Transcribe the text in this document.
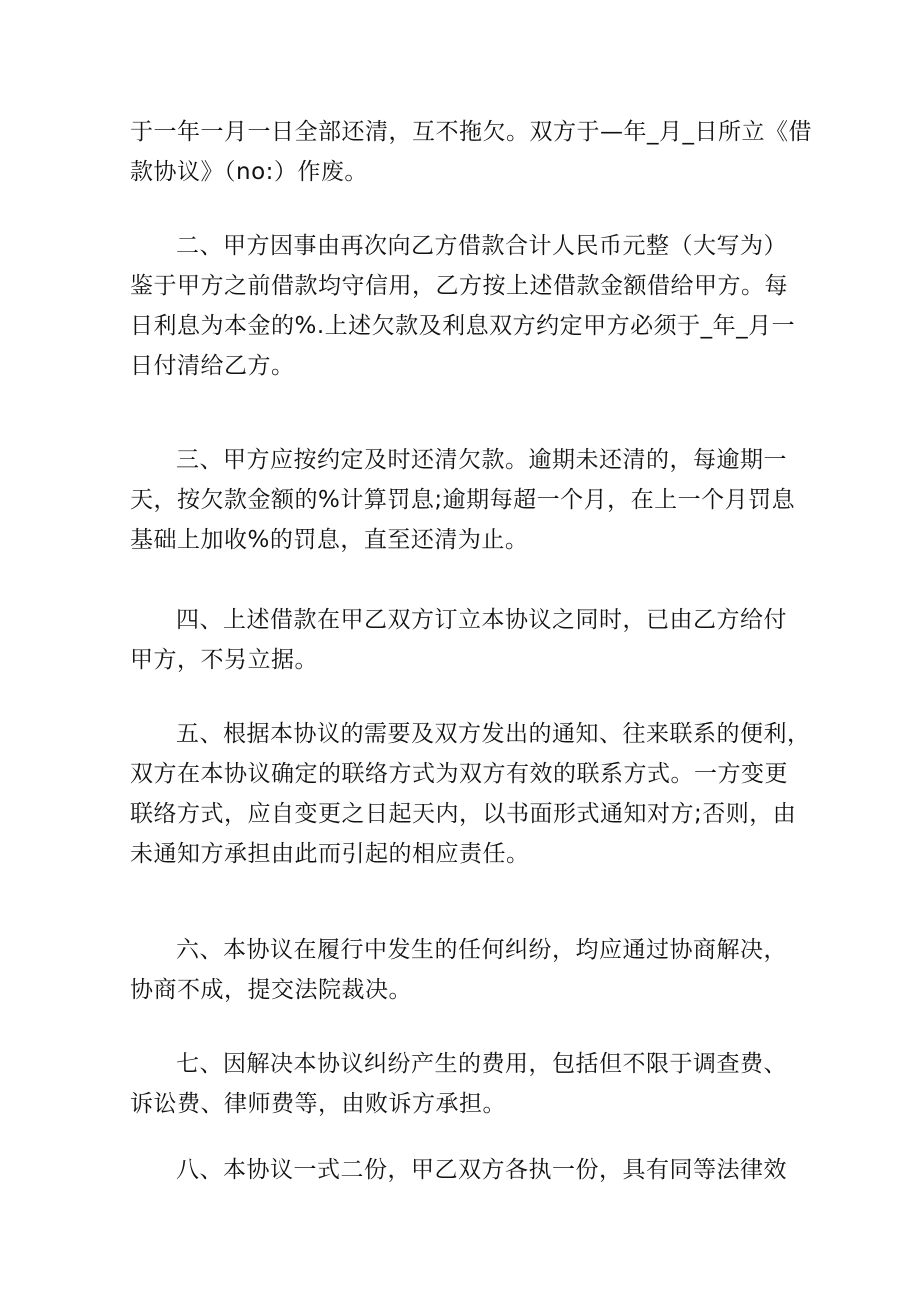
于一年一月一日全部还清，互不拖欠。双方于—年_月_日所立《借
款协议》（no:）作废。

二、甲方因事由再次向乙方借款合计人民币元整（大写为）
鉴于甲方之前借款均守信用，乙方按上述借款金额借给甲方。每
日利息为本金的%.上述欠款及利息双方约定甲方必须于_年_月一
日付清给乙方。

三、甲方应按约定及时还清欠款。逾期未还清的，每逾期一
天，按欠款金额的%计算罚息;逾期每超一个月，在上一个月罚息
基础上加收%的罚息，直至还清为止。

四、上述借款在甲乙双方订立本协议之同时，已由乙方给付
甲方，不另立据。

五、根据本协议的需要及双方发出的通知、往来联系的便利，
双方在本协议确定的联络方式为双方有效的联系方式。一方变更
联络方式，应自变更之日起天内，以书面形式通知对方;否则，由
未通知方承担由此而引起的相应责任。

六、本协议在履行中发生的任何纠纷，均应通过协商解决，
协商不成，提交法院裁决。

七、因解决本协议纠纷产生的费用，包括但不限于调查费、
诉讼费、律师费等，由败诉方承担。

八、本协议一式二份，甲乙双方各执一份，具有同等法律效
